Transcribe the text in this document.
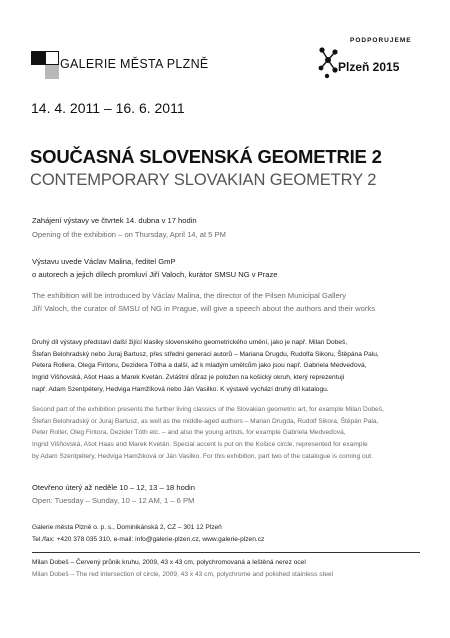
GALERIE MĚSTA PLZNĚ
PODPORUJEME
Plzeň 2015
14. 4. 2011 – 16. 6. 2011
SOUČASNÁ SLOVENSKÁ GEOMETRIE 2
CONTEMPORARY SLOVAKIAN GEOMETRY 2
Zahájení výstavy ve čtvrtek 14. dubna v 17 hodin
Opening of the exhibition – on Thursday, April 14, at 5 PM
Výstavu uvede Václav Malina, ředitel GmP
o autorech a jejich dílech promluví Jiří Valoch, kurátor SMSU NG v Praze
The exhibition will be introduced by Václav Malina, the director of the Pilsen Municipal Gallery
Jiří Valoch, the curator of SMSU of NG in Prague, will give a speech about the authors and their works
Druhý díl výstavy představí další žijící klasiky slovenského geometrického umění, jako je např. Milan Dobeš,
Štefan Belohradský nebo Juraj Bartusz, přes střední generaci autorů – Mariana Drugdu, Rudolfa Sikoru, Štěpána Palu,
Petera Rollera, Olega Fintoru, Dezidera Tótha a další, až k mladým umělcům jako jsou např. Gabriela Medveďová,
Ingrid Višňovská, Ašot Haas a Marek Kvetán. Zvláštní důraz je položen na košický okruh, který reprezentují
např. Adam Szentpétery, Hedviga Hamžíková nebo Ján Vasilko. K výstavě vychází druhý díl katalogu.
Second part of the exhibition presents the further living classics of the Slovakian geometric art, for example Milan Dobeš,
Štefan Belohradský or Juraj Bartusz, as well as the middle-aged authors – Marian Drugda, Rudolf Sikora, Štěpán Pala,
Peter Roller, Oleg Fintora, Dezider Tóth etc. – and also the young artists, for example Gabriela Medveďová,
Ingrid Višňovská, Ašot Haas and Marek Kvetán. Special accent is put on the Košice circle, represented for example
by Adam Szentpétery, Hedviga Hamžiková or Ján Vasilko. For this exhibition, part two of the catalogue is coming out.
Otevřeno úterý až neděle 10 – 12, 13 – 18 hodin
Open: Tuesday – Sunday, 10 – 12 AM, 1 – 6 PM
Galerie města Plzně o. p. s., Dominikánská 2, CZ – 301 12 Plzeň
Tel./fax: +420 378 035 310, e-mail: info@galerie-plzen.cz, www.galerie-plzen.cz
Milan Dobeš – Červený průnik kruhu, 2009, 43 x 43 cm, polychromovaná a leštěná nerez ocel
Milan Dobeš – The red intersection of circle, 2009, 43 x 43 cm, polychrome and polished stainless steel
